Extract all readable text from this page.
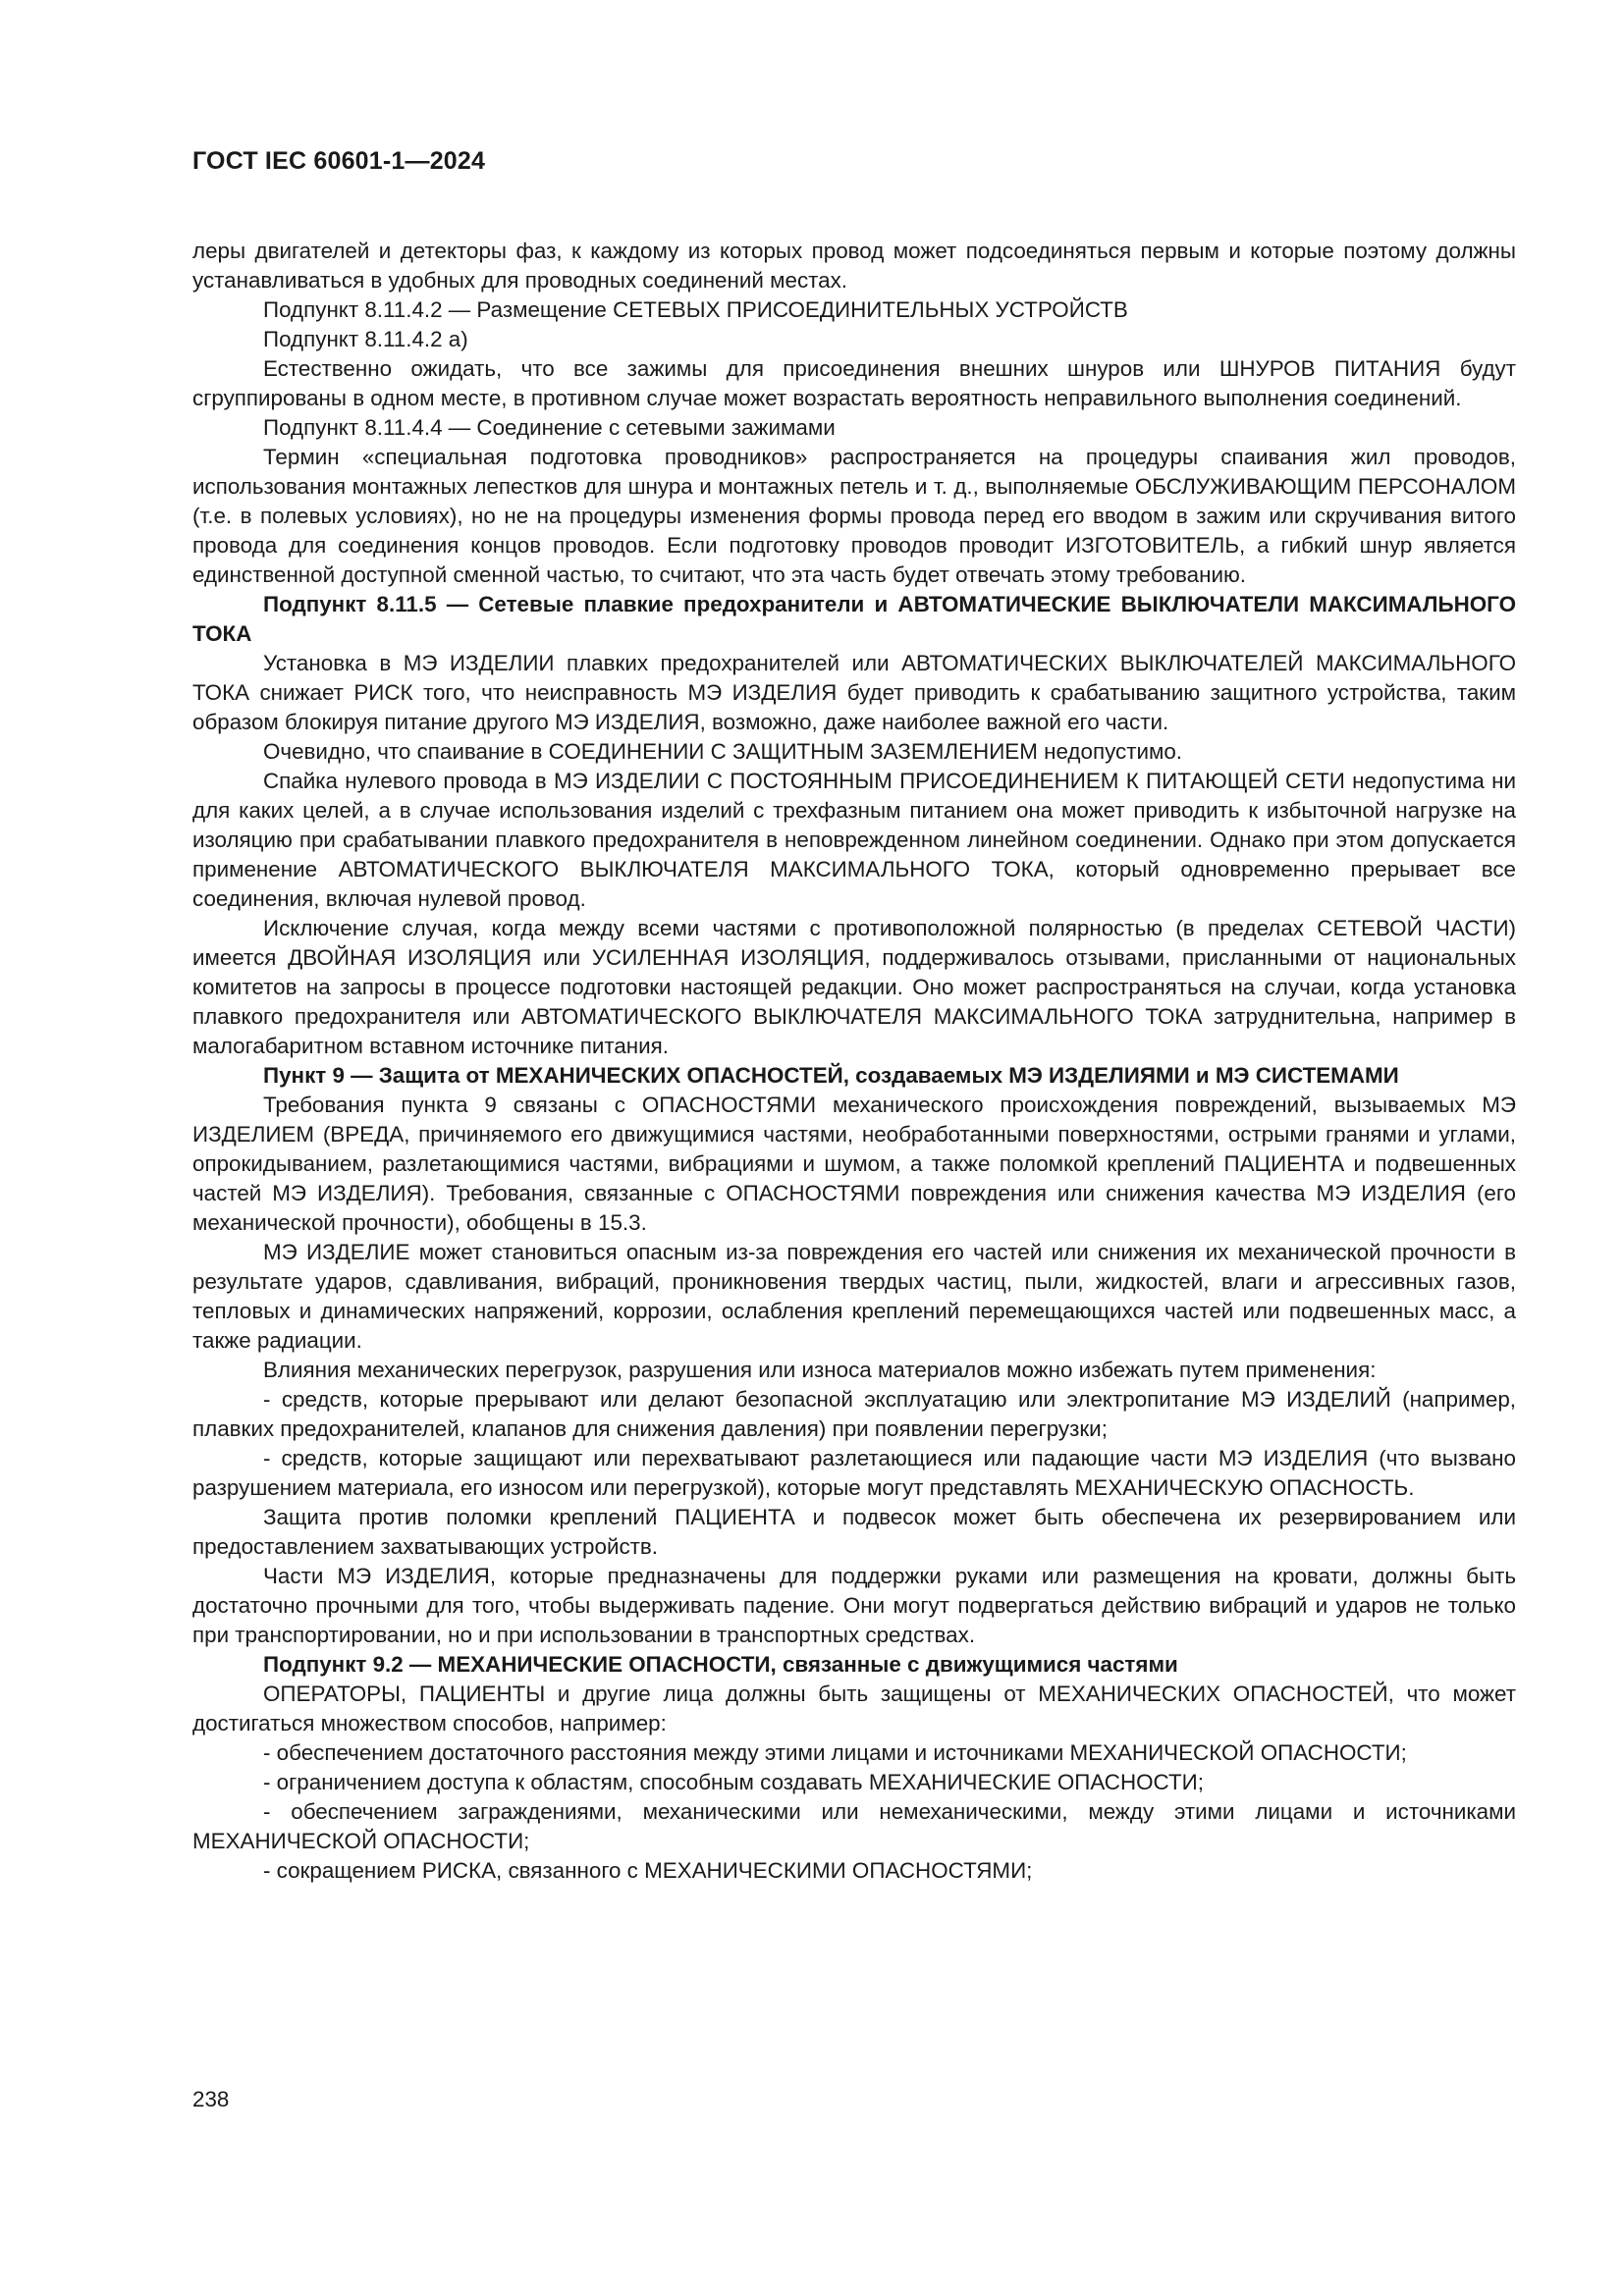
ГОСТ IEC 60601-1—2024

леры двигателей и детекторы фаз, к каждому из которых провод может подсоединяться первым и которые поэтому должны устанавливаться в удобных для проводных соединений местах.

Подпункт 8.11.4.2 — Размещение СЕТЕВЫХ ПРИСОЕДИНИТЕЛЬНЫХ УСТРОЙСТВ

Подпункт 8.11.4.2 а)

Естественно ожидать, что все зажимы для присоединения внешних шнуров или ШНУРОВ ПИТАНИЯ будут сгруппированы в одном месте, в противном случае может возрастать вероятность неправильного выполнения соединений.

Подпункт 8.11.4.4 — Соединение с сетевыми зажимами

Термин «специальная подготовка проводников» распространяется на процедуры спаивания жил проводов, использования монтажных лепестков для шнура и монтажных петель и т. д., выполняемые ОБСЛУЖИВАЮЩИМ ПЕРСОНАЛОМ (т.е. в полевых условиях), но не на процедуры изменения формы провода перед его вводом в зажим или скручивания витого провода для соединения концов проводов. Если подготовку проводов проводит ИЗГОТОВИТЕЛЬ, а гибкий шнур является единственной доступной сменной частью, то считают, что эта часть будет отвечать этому требованию.

Подпункт 8.11.5 — Сетевые плавкие предохранители и АВТОМАТИЧЕСКИЕ ВЫКЛЮЧАТЕЛИ МАКСИМАЛЬНОГО ТОКА

Установка в МЭ ИЗДЕЛИИ плавких предохранителей или АВТОМАТИЧЕСКИХ ВЫКЛЮЧАТЕЛЕЙ МАКСИМАЛЬНОГО ТОКА снижает РИСК того, что неисправность МЭ ИЗДЕЛИЯ будет приводить к срабатыванию защитного устройства, таким образом блокируя питание другого МЭ ИЗДЕЛИЯ, возможно, даже наиболее важной его части.

Очевидно, что спаивание в СОЕДИНЕНИИ С ЗАЩИТНЫМ ЗАЗЕМЛЕНИЕМ недопустимо.

Спайка нулевого провода в МЭ ИЗДЕЛИИ С ПОСТОЯННЫМ ПРИСОЕДИНЕНИЕМ К ПИТАЮЩЕЙ СЕТИ недопустима ни для каких целей, а в случае использования изделий с трехфазным питанием она может приводить к избыточной нагрузке на изоляцию при срабатывании плавкого предохранителя в неповрежденном линейном соединении. Однако при этом допускается применение АВТОМАТИЧЕСКОГО ВЫКЛЮЧАТЕЛЯ МАКСИМАЛЬНОГО ТОКА, который одновременно прерывает все соединения, включая нулевой провод.

Исключение случая, когда между всеми частями с противоположной полярностью (в пределах СЕТЕВОЙ ЧАСТИ) имеется ДВОЙНАЯ ИЗОЛЯЦИЯ или УСИЛЕННАЯ ИЗОЛЯЦИЯ, поддерживалось отзывами, присланными от национальных комитетов на запросы в процессе подготовки настоящей редакции. Оно может распространяться на случаи, когда установка плавкого предохранителя или АВТОМАТИЧЕСКОГО ВЫКЛЮЧАТЕЛЯ МАКСИМАЛЬНОГО ТОКА затруднительна, например в малогабаритном вставном источнике питания.

Пункт 9 — Защита от МЕХАНИЧЕСКИХ ОПАСНОСТЕЙ, создаваемых МЭ ИЗДЕЛИЯМИ и МЭ СИСТЕМАМИ

Требования пункта 9 связаны с ОПАСНОСТЯМИ механического происхождения повреждений, вызываемых МЭ ИЗДЕЛИЕМ (ВРЕДА, причиняемого его движущимися частями, необработанными поверхностями, острыми гранями и углами, опрокидыванием, разлетающимися частями, вибрациями и шумом, а также поломкой креплений ПАЦИЕНТА и подвешенных частей МЭ ИЗДЕЛИЯ). Требования, связанные с ОПАСНОСТЯМИ повреждения или снижения качества МЭ ИЗДЕЛИЯ (его механической прочности), обобщены в 15.3.

МЭ ИЗДЕЛИЕ может становиться опасным из-за повреждения его частей или снижения их механической прочности в результате ударов, сдавливания, вибраций, проникновения твердых частиц, пыли, жидкостей, влаги и агрессивных газов, тепловых и динамических напряжений, коррозии, ослабления креплений перемещающихся частей или подвешенных масс, а также радиации.

Влияния механических перегрузок, разрушения или износа материалов можно избежать путем применения:

- средств, которые прерывают или делают безопасной эксплуатацию или электропитание МЭ ИЗДЕЛИЙ (например, плавких предохранителей, клапанов для снижения давления) при появлении перегрузки;

- средств, которые защищают или перехватывают разлетающиеся или падающие части МЭ ИЗДЕЛИЯ (что вызвано разрушением материала, его износом или перегрузкой), которые могут представлять МЕХАНИЧЕСКУЮ ОПАСНОСТЬ.

Защита против поломки креплений ПАЦИЕНТА и подвесок может быть обеспечена их резервированием или предоставлением захватывающих устройств.

Части МЭ ИЗДЕЛИЯ, которые предназначены для поддержки руками или размещения на кровати, должны быть достаточно прочными для того, чтобы выдерживать падение. Они могут подвергаться действию вибраций и ударов не только при транспортировании, но и при использовании в транспортных средствах.

Подпункт 9.2 — МЕХАНИЧЕСКИЕ ОПАСНОСТИ, связанные с движущимися частями

ОПЕРАТОРЫ, ПАЦИЕНТЫ и другие лица должны быть защищены от МЕХАНИЧЕСКИХ ОПАСНОСТЕЙ, что может достигаться множеством способов, например:

- обеспечением достаточного расстояния между этими лицами и источниками МЕХАНИЧЕСКОЙ ОПАСНОСТИ;

- ограничением доступа к областям, способным создавать МЕХАНИЧЕСКИЕ ОПАСНОСТИ;

- обеспечением заграждениями, механическими или немеханическими, между этими лицами и источниками МЕХАНИЧЕСКОЙ ОПАСНОСТИ;

- сокращением РИСКА, связанного с МЕХАНИЧЕСКИМИ ОПАСНОСТЯМИ;

238
